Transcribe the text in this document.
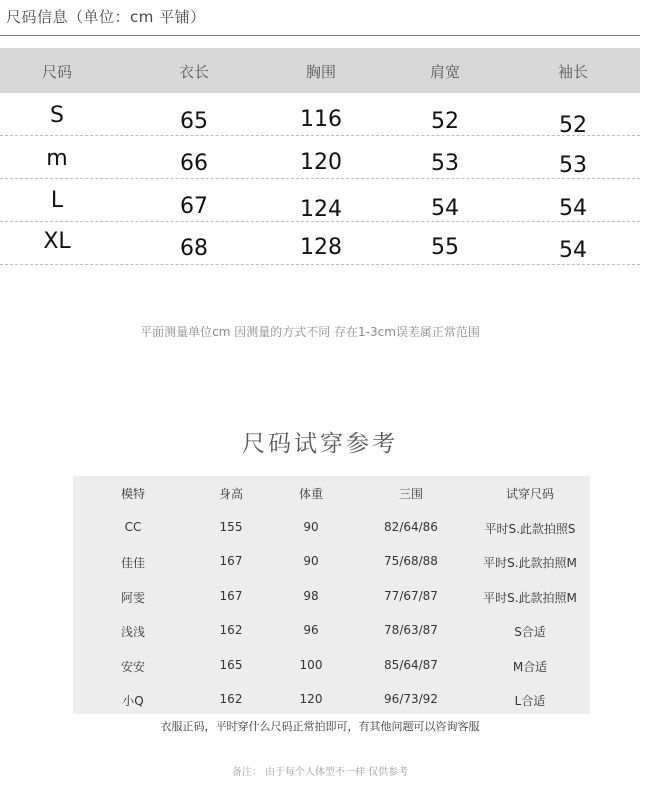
尺码信息（单位：cm 平铺）
尺码	衣长	胸围	肩宽	袖长
S	65	116	52	52
m	66	120	53	53
L	67	124	54	54
XL	68	128	55	54
平面测量单位cm 因测量的方式不同 存在1-3cm误差属正常范围
尺码试穿参考
模特	身高	体重	三围	试穿尺码
CC	155	90	82/64/86	平时S.此款拍照S
佳佳	167	90	75/68/88	平时S.此款拍照M
阿雯	167	98	77/67/87	平时S.此款拍照M
浅浅	162	96	78/63/87	S合适
安安	165	100	85/64/87	M合适
小Q	162	120	96/73/92	L合适
衣服正码，平时穿什么尺码正常拍即可，有其他问题可以咨询客服
备注： 由于每个人体型不一样 仅供参考
